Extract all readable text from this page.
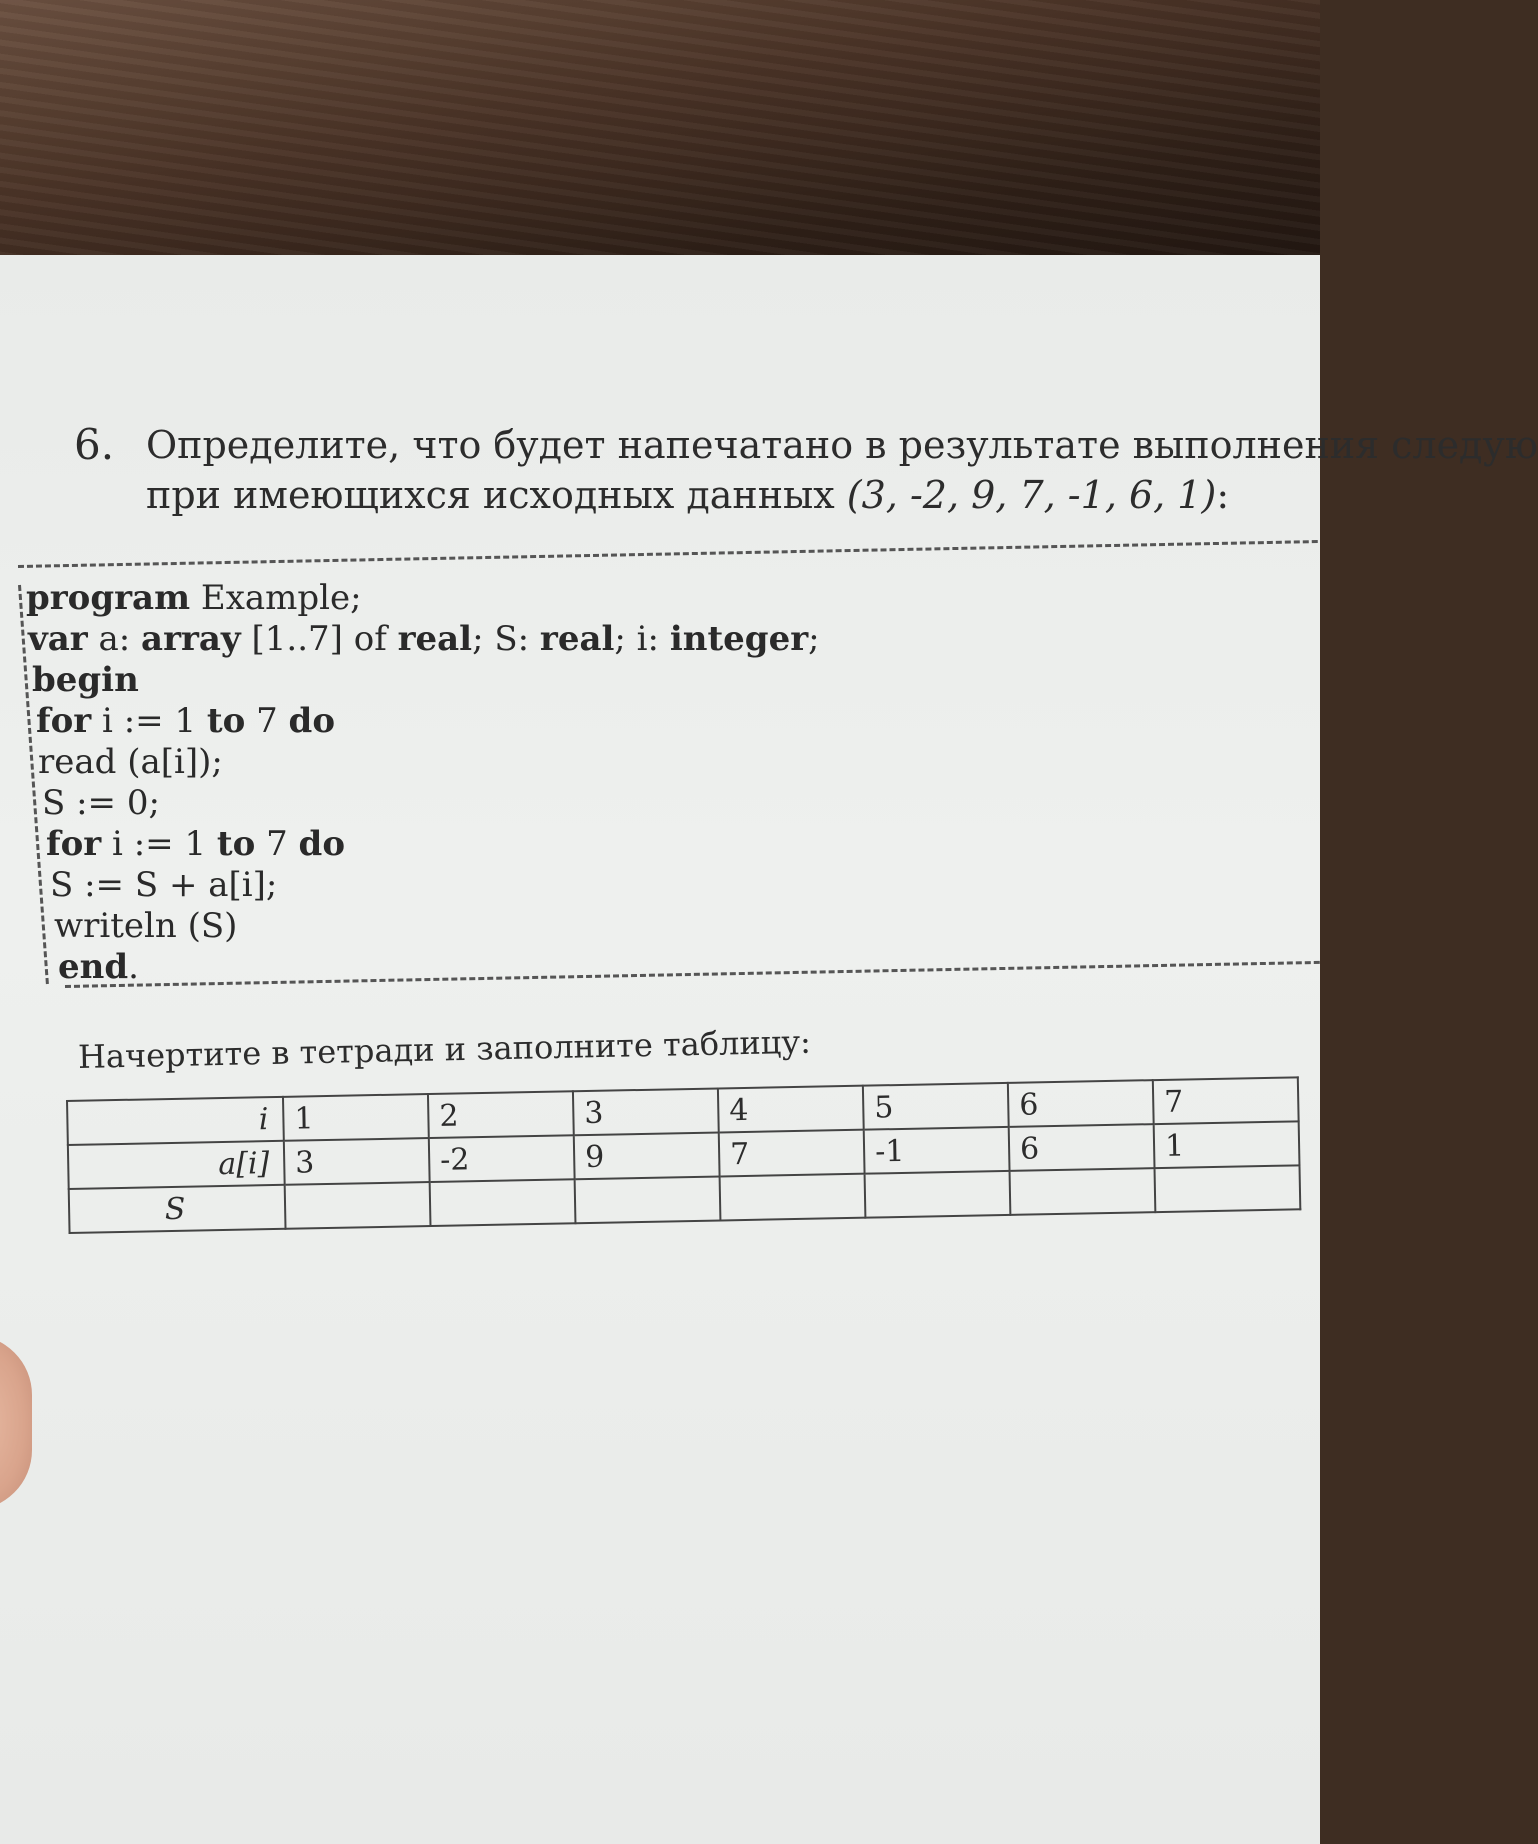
6. Определите, что будет напечатано в результате выполнения следую
при имеющихся исходных данных (3, -2, 9, 7, -1, 6, 1):
program Example;
var a: array [1..7] of real; S: real; i: integer;
begin
for i := 1 to 7 do
read (a[i]);
S := 0;
for i := 1 to 7 do
S := S + a[i];
writeln (S)
end.
Начертите в тетради и заполните таблицу:
i	1	2	3	4	5	6	7
a[i]	3	-2	9	7	-1	6	1
S							
